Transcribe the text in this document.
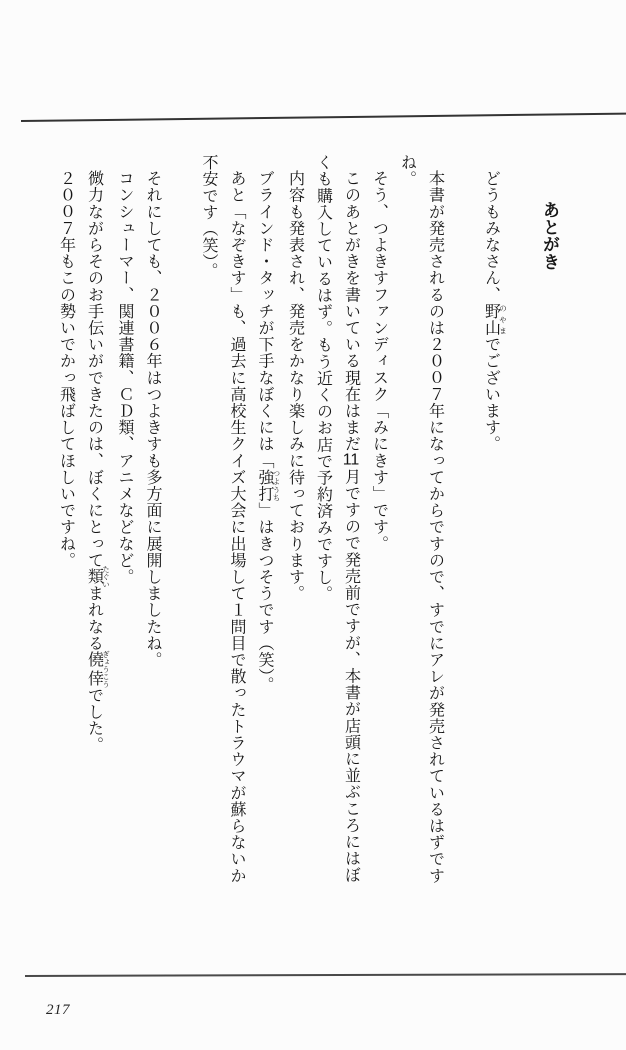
あとがき

どうもみなさん、野山 のやまでございます。

本書が発売されるのは２００７年になってからですので、すでにアレが発売されているはずですね。

そう、つよきすファンディスク「みにきす」です。

このあとがきを書いている現在はまだ11月ですので発売前ですが、本書が店頭に並ぶころにはぼくも購入しているはず。もう近くのお店で予約済みですし。

内容も発表され、発売をかなり楽しみに待っております。

ブラインド・タッチが下手なぼくには「強打 つようち」はきつそうです（笑）。

あと「なぞきす」も、過去に高校生クイズ大会に出場して１問目で散ったトラウマが蘇らないか不安です（笑）。

それにしても、２００６年はつよきすも多方面に展開しましたね。

コンシューマー、関連書籍、ＣＤ類、アニメなどなど。

微力ながらそのお手伝いができたのは、ぼくにとって類 たぐいまれなる僥倖 ぎょうこうでした。

２００７年もこの勢いでかっ飛ばしてほしいですね。

217
